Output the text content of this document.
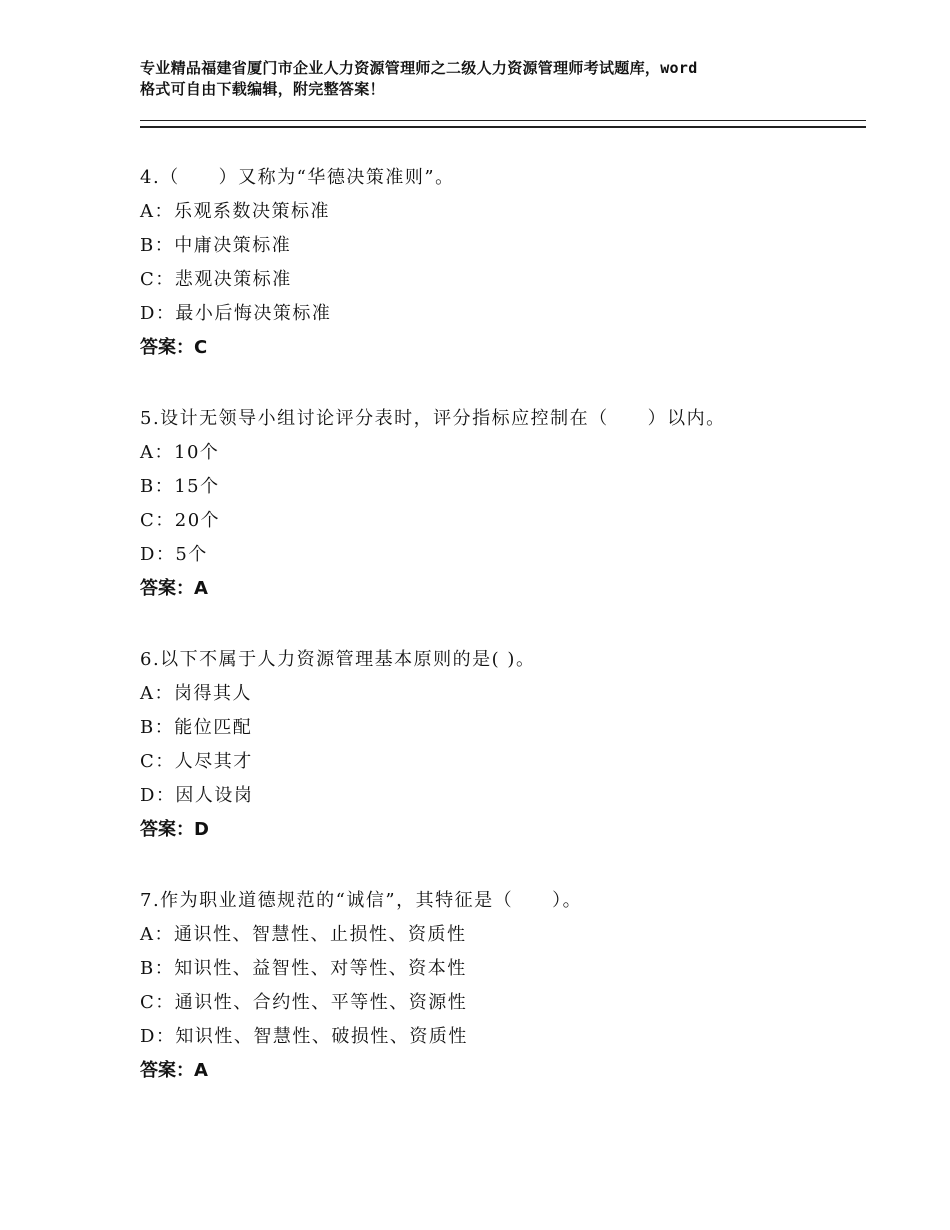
专业精品福建省厦门市企业人力资源管理师之二级人力资源管理师考试题库，word
格式可自由下载编辑，附完整答案！
4.（　　）又称为“华德决策准则”。
A：乐观系数决策标准
B：中庸决策标准
C：悲观决策标准
D：最小后悔决策标准
答案：C
5.设计无领导小组讨论评分表时，评分指标应控制在（　　）以内。
A：10个
B：15个
C：20个
D：5个
答案：A
6.以下不属于人力资源管理基本原则的是( )。
A：岗得其人
B：能位匹配
C：人尽其才
D：因人设岗
答案：D
7.作为职业道德规范的“诚信”，其特征是（　　）。
A：通识性、智慧性、止损性、资质性
B：知识性、益智性、对等性、资本性
C：通识性、合约性、平等性、资源性
D：知识性、智慧性、破损性、资质性
答案：A
